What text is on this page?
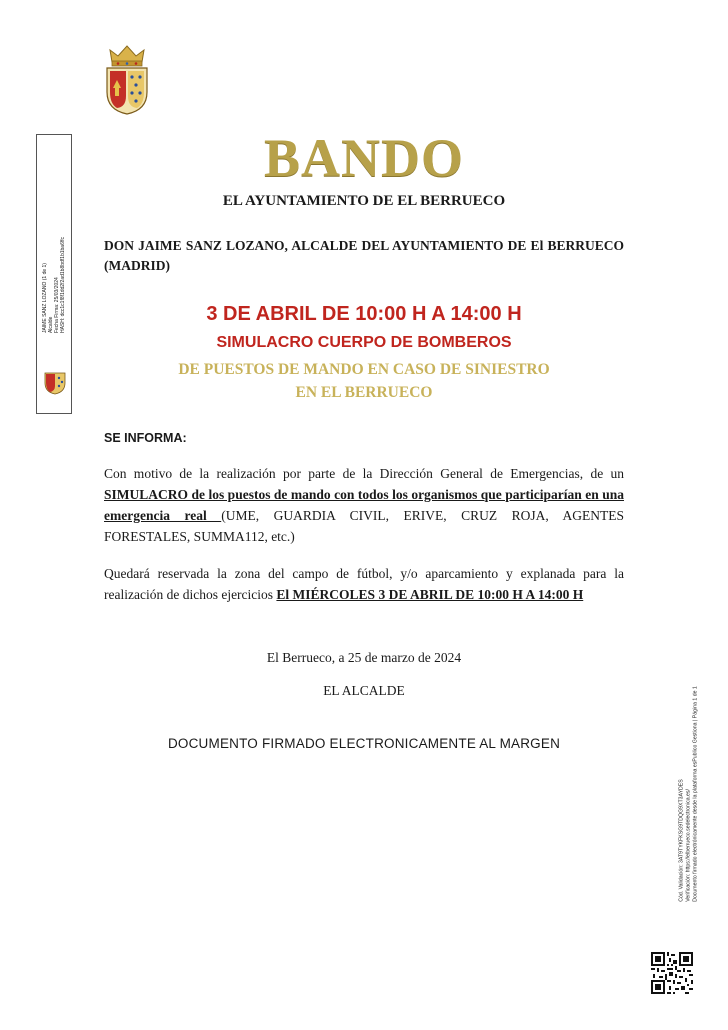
JAIME SANZ LOZANO (1 de 1) Alcalde Fecha Firma: 25/03/2024 HASH: dcc1c1f8f1dd2f2ad1b8bdf1b1ba6ffc
BANDO
EL AYUNTAMIENTO DE EL BERRUECO
DON JAIME SANZ LOZANO, ALCALDE DEL AYUNTAMIENTO DE El BERRUECO (MADRID)
3 DE ABRIL DE 10:00 H A 14:00 H
SIMULACRO CUERPO DE BOMBEROS
DE PUESTOS DE MANDO EN CASO DE SINIESTRO
EN EL BERRUECO
SE INFORMA:
Con motivo de la realización por parte de la Dirección General de Emergencias, de un SIMULACRO de los puestos de mando con todos los organismos que participarían en una emergencia real (UME, GUARDIA CIVIL, ERIVE, CRUZ ROJA, AGENTES FORESTALES, SUMMA112, etc.)
Quedará reservada la zona del campo de fútbol, y/o aparcamiento y explanada para la realización de dichos ejercicios El MIÉRCOLES 3 DE ABRIL DE 10:00 H A 14:00 H
El Berrueco, a 25 de marzo de 2024
EL ALCALDE
DOCUMENTO FIRMADO ELECTRONICAMENTE AL MARGEN
Cód. Validación: 3AT9TYKFKSG9TDQG9XT3AYDES Verificación: https://elberrueco.sedelectronica.es/ Documento firmado electrónicamente desde la plataforma esPublico Gestiona | Página 1 de 1
